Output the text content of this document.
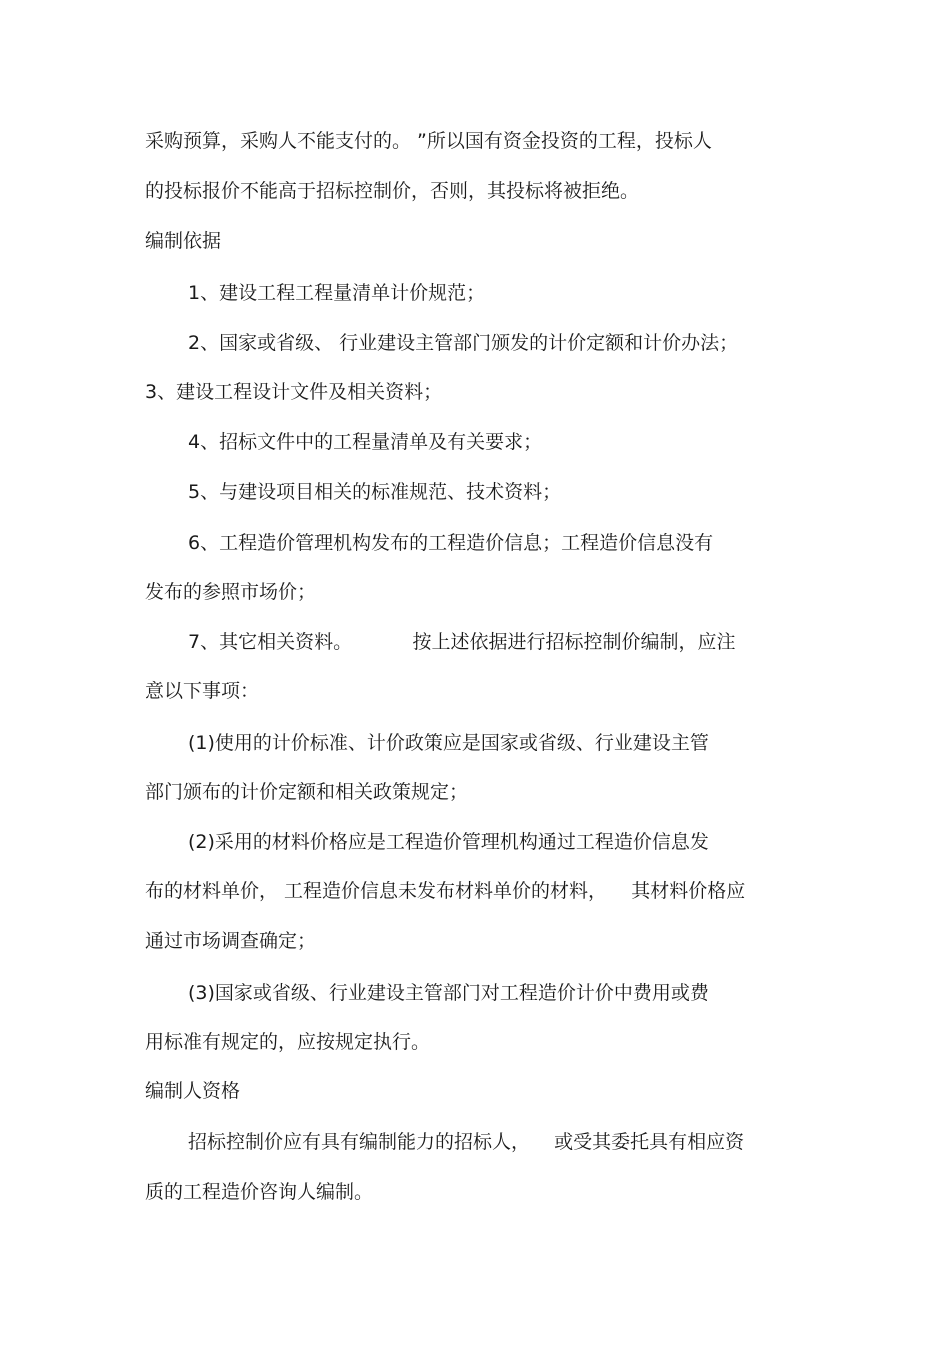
采购预算，采购人不能支付的。 ”所以国有资金投资的工程，投标人
的投标报价不能高于招标控制价，否则，其投标将被拒绝。
编制依据
1、建设工程工程量清单计价规范；
2、国家或省级、 行业建设主管部门颁发的计价定额和计价办法；
3、建设工程设计文件及相关资料；
4、招标文件中的工程量清单及有关要求；
5、与建设项目相关的标准规范、技术资料；
6、工程造价管理机构发布的工程造价信息；工程造价信息没有
发布的参照市场价；
7、其它相关资料。          按上述依据进行招标控制价编制，应注
意以下事项：
(1)使用的计价标准、计价政策应是国家或省级、行业建设主管
部门颁布的计价定额和相关政策规定；
(2)采用的材料价格应是工程造价管理机构通过工程造价信息发
布的材料单价， 工程造价信息未发布材料单价的材料，    其材料价格应
通过市场调查确定；
(3)国家或省级、行业建设主管部门对工程造价计价中费用或费
用标准有规定的，应按规定执行。
编制人资格
招标控制价应有具有编制能力的招标人，    或受其委托具有相应资
质的工程造价咨询人编制。
